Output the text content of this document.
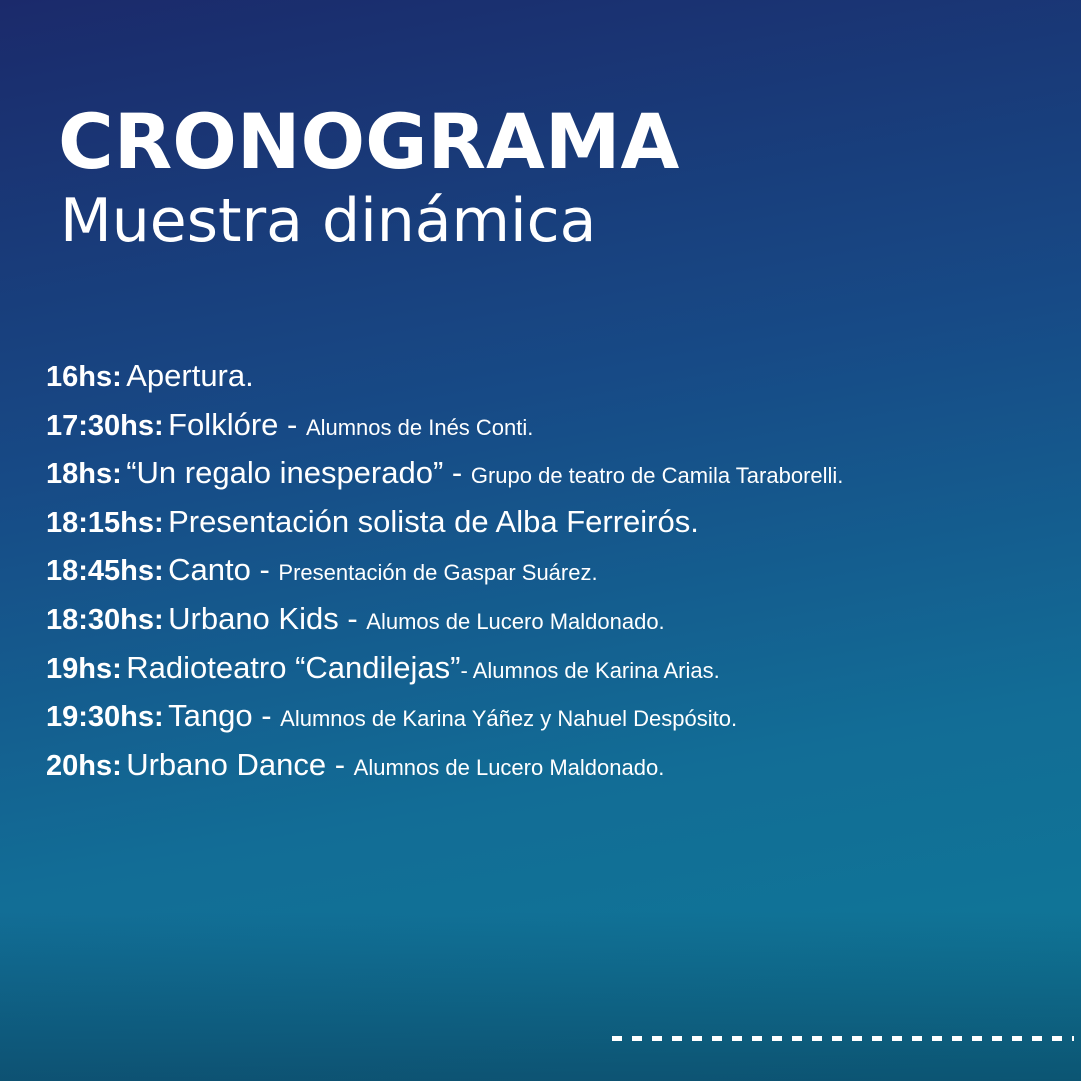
CRONOGRAMA
Muestra dinámica
16hs: Apertura.
17:30hs: Folklóre - Alumnos de Inés Conti.
18hs: “Un regalo inesperado” - Grupo de teatro de Camila Taraborelli.
18:15hs: Presentación solista de Alba Ferreirós.
18:45hs: Canto - Presentación de Gaspar Suárez.
18:30hs: Urbano Kids - Alumos de Lucero Maldonado.
19hs: Radioteatro “Candilejas”- Alumnos de Karina Arias.
19:30hs: Tango - Alumnos de Karina Yáñez y Nahuel Despósito.
20hs: Urbano Dance - Alumnos de Lucero Maldonado.
